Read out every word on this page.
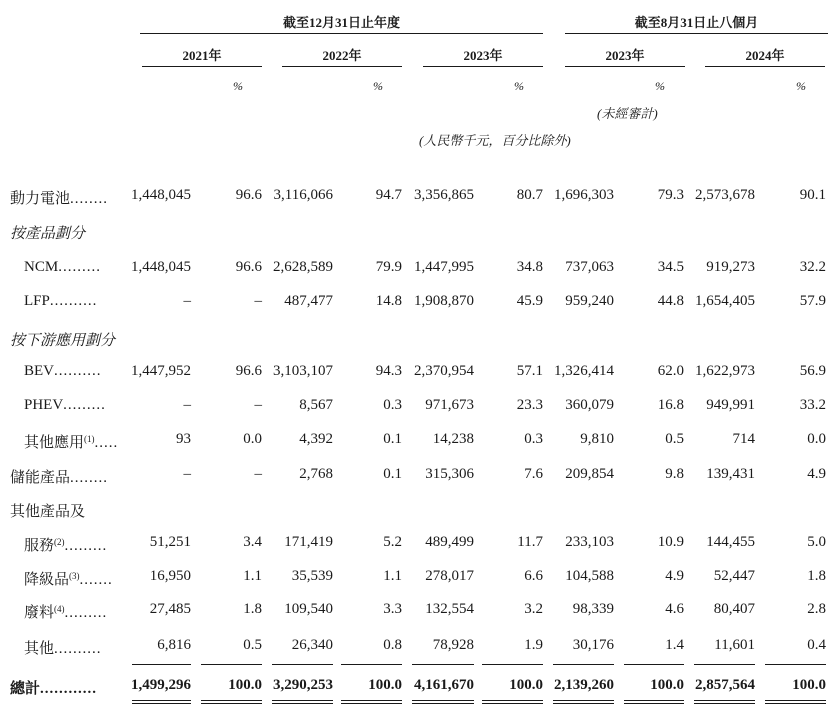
截至12月31日止年度	截至8月31日止八個月
2021年	2022年	2023年	2023年	2024年
%	%	%	%	%
(未經審計)
(人民幣千元，百分比除外)
動力電池........	1,448,045	96.6 3,116,066	94.7 3,356,865	80.7 1,696,303	79.3 2,573,678	90.1
按產品劃分
NCM.........	1,448,045	96.6 2,628,589	79.9 1,447,995	34.8	737,063	34.5	919,273	32.2
LFP..........	–	–	487,477	14.8 1,908,870	45.9	959,240	44.8 1,654,405	57.9
按下游應用劃分
BEV..........	1,447,952	96.6 3,103,107	94.3 2,370,954	57.1 1,326,414	62.0 1,622,973	56.9
PHEV.........	–	–	8,567	0.3	971,673	23.3	360,079	16.8	949,991	33.2
其他應用$^{(1)}$.....	93	0.0	4,392	0.1	14,238	0.3	9,810	0.5	714	0.0
儲能產品........	–	–	2,768	0.1	315,306	7.6	209,854	9.8	139,431	4.9
其他產品及
服務$^{(2)}$.........	51,251	3.4	171,419	5.2	489,499	11.7	233,103	10.9	144,455	5.0
降級品$^{(3)}$.......	16,950	1.1	35,539	1.1	278,017	6.6	104,588	4.9	52,447	1.8
廢料$^{(4)}$.........	27,485	1.8	109,540	3.3	132,554	3.2	98,339	4.6	80,407	2.8
其他..........	6,816	0.5	26,340	0.8	78,928	1.9	30,176	1.4	11,601	0.4
總計............	1,499,296	100.0 3,290,253	100.0 4,161,670	100.0 2,139,260	100.0 2,857,564	100.0
